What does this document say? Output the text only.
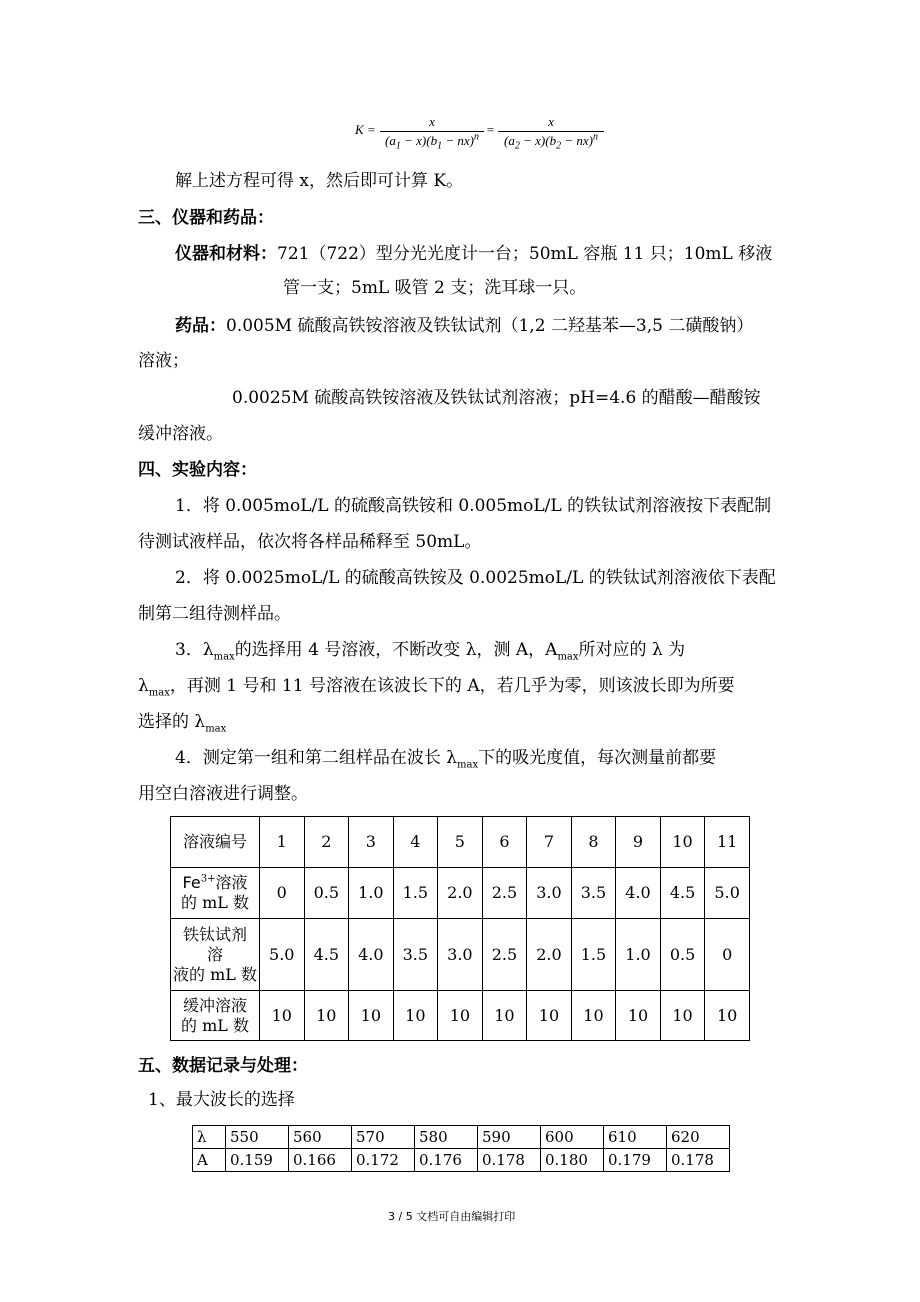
K =
x
$(a_1 - x)(b_1 - nx)^n$
=
x
$(a_2 - x)(b_2 - nx)^n$
解上述方程可得 x，然后即可计算 K。
三、仪器和药品：
仪器和材料：721（722）型分光光度计一台；50mL 容瓶 11 只；10mL 移液
管一支；5mL 吸管 2 支；洗耳球一只。
药品：0.005M 硫酸高铁铵溶液及铁钛试剂（1,2 二羟基苯—3,5 二磺酸钠）
溶液；
0.0025M 硫酸高铁铵溶液及铁钛试剂溶液；pH=4.6 的醋酸—醋酸铵
缓冲溶液。
四、实验内容：
1．将 0.005moL/L 的硫酸高铁铵和 0.005moL/L 的铁钛试剂溶液按下表配制
待测试液样品，依次将各样品稀释至 50mL。
2．将 0.0025moL/L 的硫酸高铁铵及 0.0025moL/L 的铁钛试剂溶液依下表配
制第二组待测样品。
3．$\lambda_{max}$的选择用 4 号溶液，不断改变 λ，测 A，$A_{max}$所对应的 λ 为
$\lambda_{max}$，再测 1 号和 11 号溶液在该波长下的 A，若几乎为零，则该波长即为所要
选择的 $\lambda_{max}$
4．测定第一组和第二组样品在波长 $\lambda_{max}$下的吸光度值，每次测量前都要
用空白溶液进行调整。
溶液编号	1	2	3	4	5	6	7	8	9	10	11
$Fe^{3+}$溶液
的 mL 数	0	0.5	1.0	1.5	2.0	2.5	3.0	3.5	4.0	4.5	5.0
铁钛试剂
溶
液的 mL 数	5.0	4.5	4.0	3.5	3.0	2.5	2.0	1.5	1.0	0.5	0
缓冲溶液
的 mL 数	10	10	10	10	10	10	10	10	10	10	10
五、数据记录与处理：
1、最大波长的选择
λ	550	560	570	580	590	600	610	620
A	0.159	0.166	0.172	0.176	0.178	0.180	0.179	0.178
3 / 5 文档可自由编辑打印
